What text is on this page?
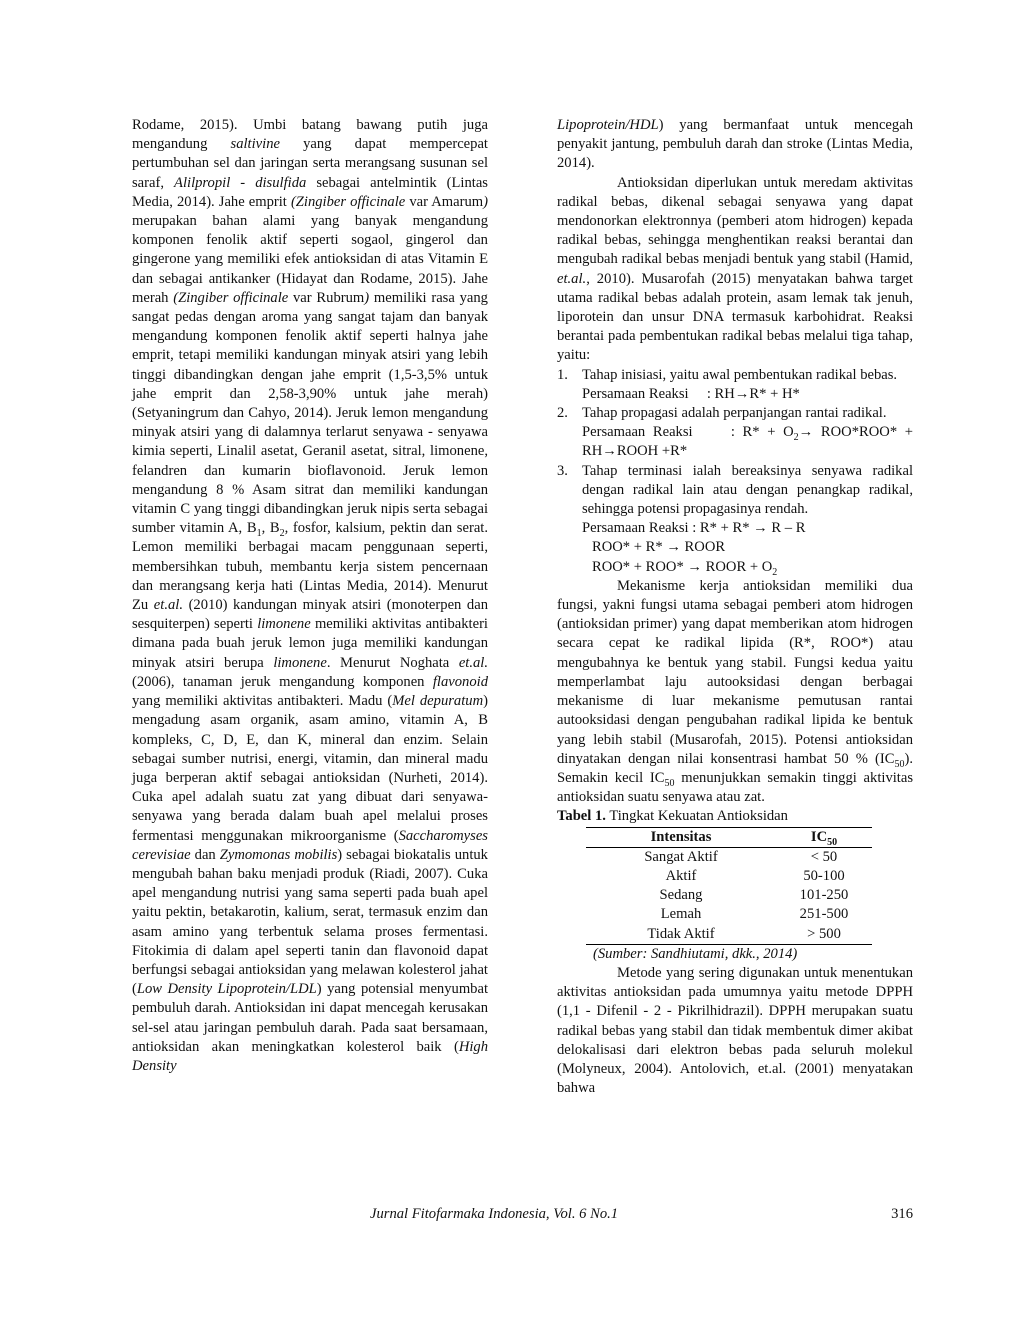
Rodame, 2015). Umbi batang bawang putih juga mengandung saltivine yang dapat mempercepat pertumbuhan sel dan jaringan serta merangsang susunan sel saraf, Alilpropil - disulfida sebagai antelmintik (Lintas Media, 2014). Jahe emprit (Zingiber officinale var Amarum) merupakan bahan alami yang banyak mengandung komponen fenolik aktif seperti sogaol, gingerol dan gingerone yang memiliki efek antioksidan di atas Vitamin E dan sebagai antikanker (Hidayat dan Rodame, 2015). Jahe merah (Zingiber officinale var Rubrum) memiliki rasa yang sangat pedas dengan aroma yang sangat tajam dan banyak mengandung komponen fenolik aktif seperti halnya jahe emprit, tetapi memiliki kandungan minyak atsiri yang lebih tinggi dibandingkan dengan jahe emprit (1,5-3,5% untuk jahe emprit dan 2,58-3,90% untuk jahe merah) (Setyaningrum dan Cahyo, 2014). Jeruk lemon mengandung minyak atsiri yang di dalamnya terlarut senyawa - senyawa kimia seperti, Linalil asetat, Geranil asetat, sitral, limonene, felandren dan kumarin bioflavonoid. Jeruk lemon mengandung 8 % Asam sitrat dan memiliki kandungan vitamin C yang tinggi dibandingkan jeruk nipis serta sebagai sumber vitamin A, $B_1$, $B_2$, fosfor, kalsium, pektin dan serat. Lemon memiliki berbagai macam penggunaan seperti, membersihkan tubuh, membantu kerja sistem pencernaan dan merangsang kerja hati (Lintas Media, 2014). Menurut Zu et.al. (2010) kandungan minyak atsiri (monoterpen dan sesquiterpen) seperti limonene memiliki aktivitas antibakteri dimana pada buah jeruk lemon juga memiliki kandungan minyak atsiri berupa limonene. Menurut Noghata et.al. (2006), tanaman jeruk mengandung komponen flavonoid yang memiliki aktivitas antibakteri. Madu (Mel depuratum) mengadung asam organik, asam amino, vitamin A, B kompleks, C, D, E, dan K, mineral dan enzim. Selain sebagai sumber nutrisi, energi, vitamin, dan mineral madu juga berperan aktif sebagai antioksidan (Nurheti, 2014). Cuka apel adalah suatu zat yang dibuat dari senyawa-senyawa yang berada dalam buah apel melalui proses fermentasi menggunakan mikroorganisme (Saccharomyses cerevisiae dan Zymomonas mobilis) sebagai biokatalis untuk mengubah bahan baku menjadi produk (Riadi, 2007). Cuka apel mengandung nutrisi yang sama seperti pada buah apel yaitu pektin, betakarotin, kalium, serat, termasuk enzim dan asam amino yang terbentuk selama proses fermentasi. Fitokimia di dalam apel seperti tanin dan flavonoid dapat berfungsi sebagai antioksidan yang melawan kolesterol jahat (Low Density Lipoprotein/LDL) yang potensial menyumbat pembuluh darah. Antioksidan ini dapat mencegah kerusakan sel-sel atau jaringan pembuluh darah. Pada saat bersamaan, antioksidan akan meningkatkan kolesterol baik (High Density

Lipoprotein/HDL) yang bermanfaat untuk mencegah penyakit jantung, pembuluh darah dan stroke (Lintas Media, 2014).

Antioksidan diperlukan untuk meredam aktivitas radikal bebas, dikenal sebagai senyawa yang dapat mendonorkan elektronnya (pemberi atom hidrogen) kepada radikal bebas, sehingga menghentikan reaksi berantai dan mengubah radikal bebas menjadi bentuk yang stabil (Hamid, et.al., 2010). Musarofah (2015) menyatakan bahwa target utama radikal bebas adalah protein, asam lemak tak jenuh, liporotein dan unsur DNA termasuk karbohidrat. Reaksi berantai pada pembentukan radikal bebas melalui tiga tahap, yaitu:

1. Tahap inisiasi, yaitu awal pembentukan radikal bebas.
Persamaan Reaksi     : RH→R* + H*
2. Tahap propagasi adalah perpanjangan rantai radikal.
Persamaan Reaksi     : $R* + O_2\to ROO*ROO*$ + RH→ROOH +R*
3. Tahap terminasi ialah bereaksinya senyawa radikal dengan radikal lain atau dengan penangkap radikal, sehingga potensi propagasinya rendah.
Persamaan Reaksi : R* + R* → R – R
ROO* + R* → ROOR
ROO* + ROO* → ROOR + $O_2$

Mekanisme kerja antioksidan memiliki dua fungsi, yakni fungsi utama sebagai pemberi atom hidrogen (antioksidan primer) yang dapat memberikan atom hidrogen secara cepat ke radikal lipida (R*, ROO*) atau mengubahnya ke bentuk yang stabil. Fungsi kedua yaitu memperlambat laju autooksidasi dengan berbagai mekanisme di luar mekanisme pemutusan rantai autooksidasi dengan pengubahan radikal lipida ke bentuk yang lebih stabil (Musarofah, 2015). Potensi antioksidan dinyatakan dengan nilai konsentrasi hambat 50 % $(IC_{50})$. Semakin kecil $IC_{50}$ menunjukkan semakin tinggi aktivitas antioksidan suatu senyawa atau zat.

Tabel 1. Tingkat Kekuatan Antioksidan

Intensitas	$IC_{50}$
Sangat Aktif	< 50
Aktif	50-100
Sedang	101-250
Lemah	251-500
Tidak Aktif	> 500

(Sumber: Sandhiutami, dkk., 2014)

Metode yang sering digunakan untuk menentukan aktivitas antioksidan pada umumnya yaitu metode DPPH (1,1 - Difenil - 2 - Pikrilhidrazil). DPPH merupakan suatu radikal bebas yang stabil dan tidak membentuk dimer akibat delokalisasi dari elektron bebas pada seluruh molekul (Molyneux, 2004). Antolovich, et.al. (2001) menyatakan bahwa

Jurnal Fitofarmaka Indonesia, Vol. 6 No.1	316
